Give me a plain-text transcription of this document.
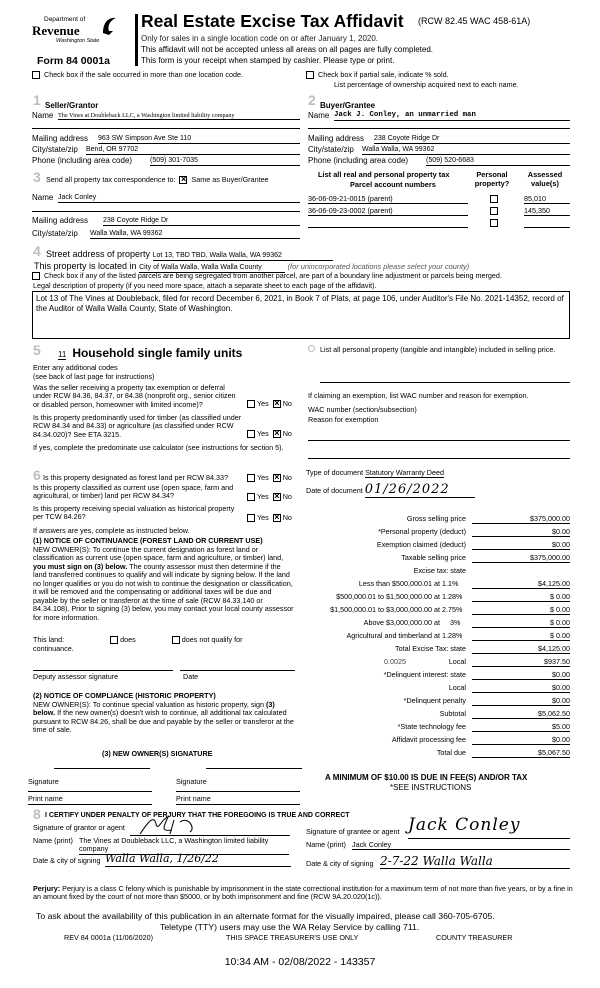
Department of
Revenue
Washington State
Form 84 0001a
Real Estate Excise Tax Affidavit (RCW 82.45 WAC 458-61A)
Only for sales in a single location code on or after January 1, 2020.
This affidavit will not be accepted unless all areas on all pages are fully completed.
This form is your receipt when stamped by cashier. Please type or print.
Check box if the sale occurred in more than one location code.	Check box if partial sale, indicate % sold.
List percentage of ownership acquired next to each name.
1 Seller/Grantor
Name The Vines at Doubleback LLC, a Washington limited liability company
Mailing address 963 SW Simpson Ave Ste 110
City/state/zip Bend, OR 97702
Phone (including area code)	(509) 301-7035
2 Buyer/Grantee
Name Jack J. Conley, an unmarried man
Mailing address 238 Coyote Ridge Dr
City/state/zip Walla Walla, WA 99362
Phone (including area code)	(509) 520-6683
3 Send all property tax correspondence to: × Same as Buyer/Grantee
Name Jack Conley
Mailing address 238 Coyote Ridge Dr
City/state/zip Walla Walla, WA 99362
List all real and personal property tax
Parcel account numbers
Personal property?
Assessed value(s)
36-06-09-21-0015 (parent)	85,010
36-06-09-23-0002 (parent)	145,350
4 Street address of property Lot 13, TBD TBD, Walla Walla, WA 99362
This property is located in City of Walla Walla, Walla Walla County	(for unincorporated locations please select your county)
Check box if any of the listed parcels are being segregated from another parcel, are part of a boundary line adjustment or parcels being merged.
Legal description of property (if you need more space, attach a separate sheet to each page of the affidavit).
Lot 13 of The Vines at Doubleback, filed for record December 6, 2021, in Book 7 of Plats, at page 106, under Auditor's File No. 2021-14352, record of the Auditor of Walla Walla County, State of Washington.
5 11 Household single family units
Enter any additional codes
(see back of last page for instructions)
Was the seller receiving a property tax exemption or deferral under RCW 84.36, 84.37, or 84.38 (nonprofit org., senior citizen or disabled person, homeowner with limited income)?	Yes × No
Is this property predominantly used for timber (as classified under RCW 84.34 and 84.33) or agriculture (as classified under RCW 84.34.020)? See ETA 3215.	Yes × No
If yes, complete the predominate use calculator (see instructions for section 5).
List all personal property (tangible and intangible) included in selling price.
If claiming an exemption, list WAC number and reason for exemption.
WAC number (section/subsection)
Reason for exemption
6 Is this property designated as forest land per RCW 84.33?	Yes × No
Is this property classified as current use (open space, farm and agricultural, or timber) land per RCW 84.34?	Yes × No
Is this property receiving special valuation as historical property per TCW 84.26?	Yes × No
If answers are yes, complete as instructed below.
(1) NOTICE OF CONTINUANCE (FOREST LAND OR CURRENT USE)
NEW OWNER(S): To continue the current designation as forest land or classification as current use (open space, farm and agriculture, or timber) land, you must sign on (3) below. The county assessor must then determine if the land transferred continues to qualify and will indicate by signing below. If the land no longer qualifies or you do not wish to continue the designation or classification, it will be removed and the compensating or additional taxes will be due and payable by the seller or transferor at the time of sale (RCW 84.33.140 or 84.34.108). Prior to signing (3) below, you may contact your local county assessor for more information.
This land:	does	does not qualify for
continuance.
Deputy assessor signature	Date
(2) NOTICE OF COMPLIANCE (HISTORIC PROPERTY)
NEW OWNER(S): To continue special valuation as historic property, sign (3) below. If the new owner(s) doesn't wish to continue, all additional tax calculated pursuant to RCW 84.26, shall be due and payable by the seller or transferor at the time of sale.
(3) NEW OWNER(S) SIGNATURE
Signature	Signature
Print name	Print name
Type of document Statutory Warranty Deed
Date of document 01/26/2022
Gross selling price	$375,000.00
*Personal property (deduct)	$0.00
Exemption claimed (deduct)	$0.00
Taxable selling price	$375,000.00
Excise tax: state
Less than $500,000.01 at 1.1%	$4,125.00
$500,000.01 to $1,500,000.00 at 1.28%	$ 0.00
$1,500,000.01 to $3,000,000.00 at 2.75%	$ 0.00
Above $3,000,000.00 at 3%	$ 0.00
Agricultural and timberland at 1.28%	$ 0.00
Total Excise Tax: state	$4,125.00
0.0025	Local	$937.50
*Delinquent interest: state	$0.00
Local	$0.00
*Delinquent penalty	$0.00
Subtotal	$5,062.50
*State technology fee	$5.00
Affidavit processing fee	$0.00
Total due	$5,067.50
A MINIMUM OF $10.00 IS DUE IN FEE(S) AND/OR TAX
*SEE INSTRUCTIONS
8 I CERTIFY UNDER PENALTY OF PERJURY THAT THE FOREGOING IS TRUE AND CORRECT
Signature of grantor or agent
Name (print) The Vines at Doubleback LLC, a Washington limited liability company
Date & city of signing Walla Walla, 1/26/22
Signature of grantee or agent Jack Conley
Name (print) Jack Conley
Date & city of signing 2-7-22 Walla Walla
Perjury: Perjury is a class C felony which is punishable by imprisonment in the state correctional institution for a maximum term of not more than five years, or by a fine in an amount fixed by the court of not more than $5000, or by both imprisonment and fine (RCW 9A.20.020(1c)).
To ask about the availability of this publication in an alternate format for the visually impaired, please call 360-705-6705.
Teletype (TTY) users may use the WA Relay Service by calling 711.
REV 84 0001a (11/06/2020)	THIS SPACE TREASURER'S USE ONLY	COUNTY TREASURER
10:34 AM - 02/08/2022 - 143357
